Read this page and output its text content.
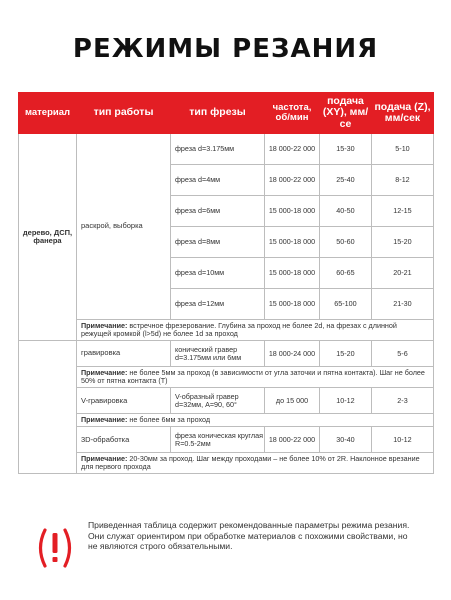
РЕЖИМЫ РЕЗАНИЯ
материал	тип работы	тип фрезы	частота, об/мин	подача (XY), мм/се	подача (Z), мм/сек
дерево, ДСП, фанера	раскрой, выборка	фреза d=3.175мм	18 000-22 000	15-30	5-10
		фреза d=4мм	18 000-22 000	25-40	8-12
		фреза d=6мм	15 000-18 000	40-50	12-15
		фреза d=8мм	15 000-18 000	50-60	15-20
		фреза d=10мм	15 000-18 000	60-65	20-21
		фреза d=12мм	15 000-18 000	65-100	21-30
	Примечание: встречное фрезерование. Глубина за проход не более 2d, на фрезах с длинной режущей кромкой (l>5d) не более 1d за проход				
	гравировка	конический гравер d=3.175мм или 6мм	18 000-24 000	15-20	5-6
	Примечание: не более 5мм за проход (в зависимости от угла заточки и пятна контакта). Шаг не более 50% от пятна контакта (Т)				
	V-гравировка	V-образный гравер d=32мм, A=90, 60°	до 15 000	10-12	2-3
	Примечание: не более 6мм за проход				
	3D-обработка	фреза коническая круглая R=0.5-2мм	18 000-22 000	30-40	10-12
	Примечание: 20-30мм за проход. Шаг между проходами – не более 10% от 2R. Наклонное врезание для первого прохода				
Приведенная таблица содержит рекомендованные параметры режима резания. Они служат ориентиром при обработке материалов с похожими свойствами, но не являются строго обязательными.
